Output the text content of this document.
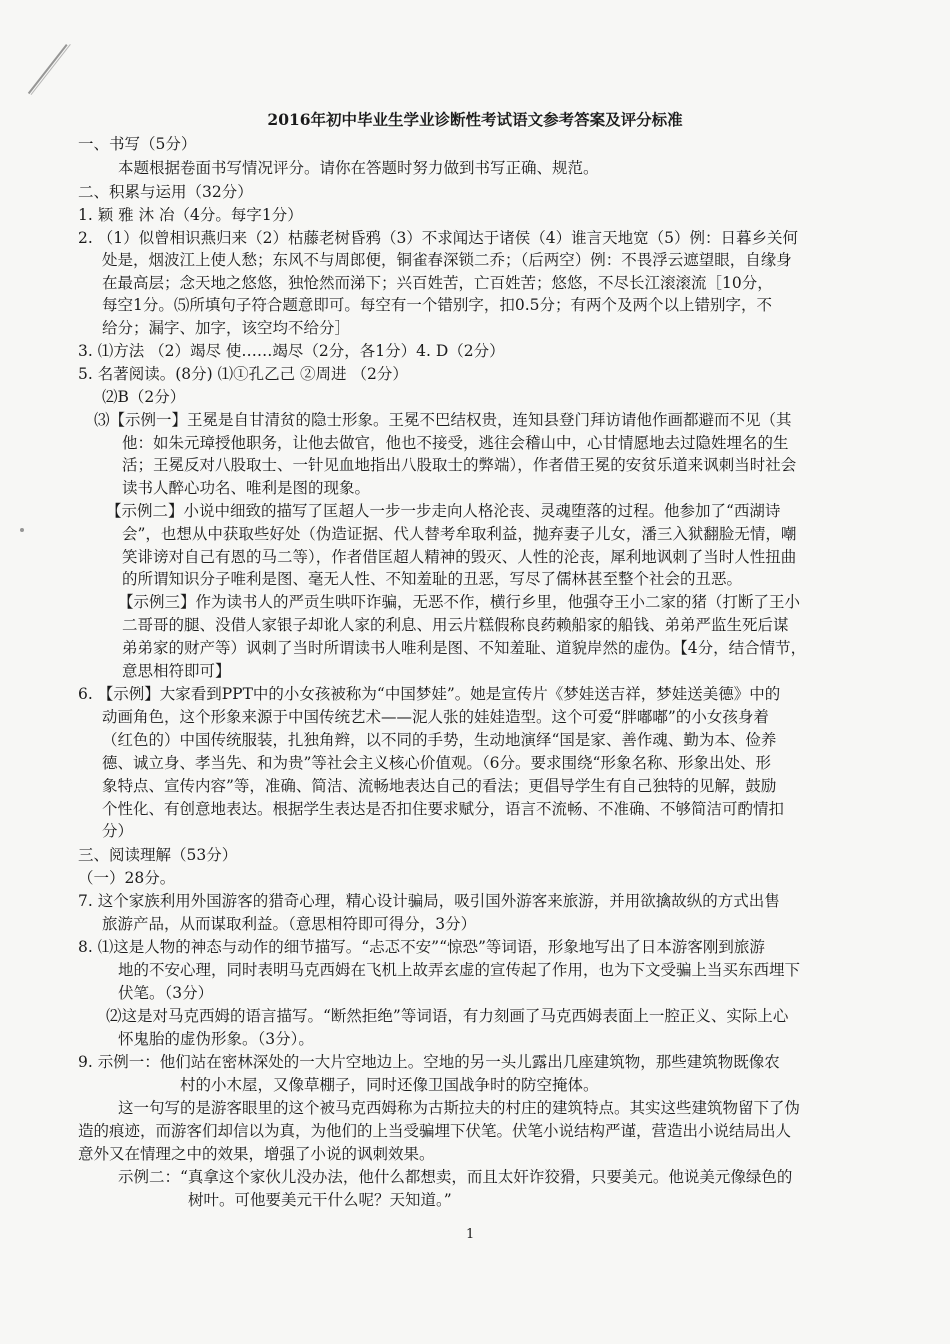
2016年初中毕业生学业诊断性考试语文参考答案及评分标准
一、书写（5分）
本题根据卷面书写情况评分。请你在答题时努力做到书写正确、规范。
二、积累与运用（32分）
1. 颖 雅 沐 冶（4分。每字1分）
2. （1）似曾相识燕归来（2）枯藤老树昏鸦（3）不求闻达于诸侯（4）谁言天地宽（5）例：日暮乡关何
处是，烟波江上使人愁；东风不与周郎便，铜雀春深锁二乔；（后两空）例：不畏浮云遮望眼，自缘身
在最高层；念天地之悠悠，独怆然而涕下；兴百姓苦，亡百姓苦；悠悠，不尽长江滚滚流［10分，
每空1分。⑸所填句子符合题意即可。每空有一个错别字，扣0.5分；有两个及两个以上错别字，不
给分；漏字、加字，该空均不给分］
3. ⑴方法 （2）竭尽 使……竭尽（2分，各1分）4. D（2分）
5. 名著阅读。(8分) ⑴①孔乙己 ②周进 （2分）
⑵B（2分）
⑶【示例一】王冕是自甘清贫的隐士形象。王冕不巴结权贵，连知县登门拜访请他作画都避而不见（其
他：如朱元璋授他职务，让他去做官，他也不接受，逃往会稽山中，心甘情愿地去过隐姓埋名的生
活；王冕反对八股取士、一针见血地指出八股取士的弊端），作者借王冕的安贫乐道来讽刺当时社会
读书人醉心功名、唯利是图的现象。
【示例二】小说中细致的描写了匡超人一步一步走向人格沦丧、灵魂堕落的过程。他参加了“西湖诗
会”，也想从中获取些好处（伪造证据、代人替考牟取利益，抛弃妻子儿女，潘三入狱翻脸无情，嘲
笑诽谤对自己有恩的马二等），作者借匡超人精神的毁灭、人性的沦丧，犀利地讽刺了当时人性扭曲
的所谓知识分子唯利是图、毫无人性、不知羞耻的丑恶，写尽了儒林甚至整个社会的丑恶。
【示例三】作为读书人的严贡生哄吓诈骗，无恶不作，横行乡里，他强夺王小二家的猪（打断了王小
二哥哥的腿、没借人家银子却讹人家的利息、用云片糕假称良药赖船家的船钱、弟弟严监生死后谋
弟弟家的财产等）讽刺了当时所谓读书人唯利是图、不知羞耻、道貌岸然的虚伪。【4分，结合情节，
意思相符即可】
6. 【示例】大家看到PPT中的小女孩被称为“中国梦娃”。她是宣传片《梦娃送吉祥，梦娃送美德》中的
动画角色，这个形象来源于中国传统艺术——泥人张的娃娃造型。这个可爱“胖嘟嘟”的小女孩身着
（红色的）中国传统服装，扎独角辫，以不同的手势，生动地演绎“国是家、善作魂、勤为本、俭养
德、诚立身、孝当先、和为贵”等社会主义核心价值观。（6分。要求围绕“形象名称、形象出处、形
象特点、宣传内容”等，准确、简洁、流畅地表达自己的看法；更倡导学生有自己独特的见解，鼓励
个性化、有创意地表达。根据学生表达是否扣住要求赋分，语言不流畅、不准确、不够简洁可酌情扣
分）
三、阅读理解（53分）
（一）28分。
7. 这个家族利用外国游客的猎奇心理，精心设计骗局，吸引国外游客来旅游，并用欲擒故纵的方式出售
旅游产品，从而谋取利益。（意思相符即可得分，3分）
8. ⑴这是人物的神态与动作的细节描写。“忐忑不安”“惊恐”等词语，形象地写出了日本游客刚到旅游
地的不安心理，同时表明马克西姆在飞机上故弄玄虚的宣传起了作用，也为下文受骗上当买东西埋下
伏笔。（3分）
⑵这是对马克西姆的语言描写。“断然拒绝”等词语，有力刻画了马克西姆表面上一腔正义、实际上心
怀鬼胎的虚伪形象。（3分）。
9. 示例一：他们站在密林深处的一大片空地边上。空地的另一头儿露出几座建筑物，那些建筑物既像农
村的小木屋，又像草棚子，同时还像卫国战争时的防空掩体。
这一句写的是游客眼里的这个被马克西姆称为古斯拉夫的村庄的建筑特点。其实这些建筑物留下了伪
造的痕迹，而游客们却信以为真，为他们的上当受骗埋下伏笔。伏笔小说结构严谨，营造出小说结局出人
意外又在情理之中的效果，增强了小说的讽刺效果。
示例二：“真拿这个家伙儿没办法，他什么都想卖，而且太奸诈狡猾，只要美元。他说美元像绿色的
树叶。可他要美元干什么呢？天知道。”
1
